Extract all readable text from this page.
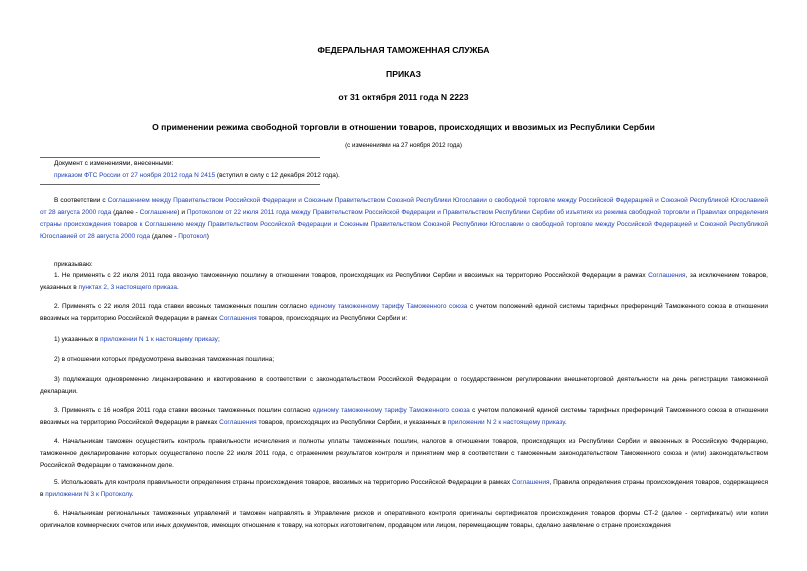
ФЕДЕРАЛЬНАЯ ТАМОЖЕННАЯ СЛУЖБА
ПРИКАЗ
от 31 октября 2011 года N 2223
О применении режима свободной торговли в отношении товаров, происходящих и ввозимых из Республики Сербии
(с изменениями на 27 ноября 2012 года)

Документ с изменениями, внесенными:

приказом ФТС России от 27 ноября 2012 года N 2415 (вступил в силу с 12 декабря 2012 года).

В соответствии с Соглашением между Правительством Российской Федерации и Союзным Правительством Союзной Республики Югославии о свободной торговле между Российской Федерацией и Союзной Республикой Югославией от 28 августа 2000 года (далее - Соглашение) и Протоколом от 22 июля 2011 года между Правительством Российской Федерации и Правительством Республики Сербии об изъятиях из режима свободной торговли и Правилах определения страны происхождения товаров к Соглашению между Правительством Российской Федерации и Союзным Правительством Союзной Республики Югославии о свободной торговле между Российской Федерацией и Союзной Республикой Югославией от 28 августа 2000 года (далее - Протокол)

приказываю:

1. Не применять с 22 июля 2011 года ввозную таможенную пошлину в отношении товаров, происходящих из Республики Сербии и ввозимых на территорию Российской Федерации в рамках Соглашения, за исключением товаров, указанных в пунктах 2, 3 настоящего приказа.

2. Применять с 22 июля 2011 года ставки ввозных таможенных пошлин согласно единому таможенному тарифу Таможенного союза с учетом положений единой системы тарифных преференций Таможенного союза в отношении ввозимых на территорию Российской Федерации в рамках Соглашения товаров, происходящих из Республики Сербии и:

1) указанных в приложении N 1 к настоящему приказу;

2) в отношении которых предусмотрена вывозная таможенная пошлина;

3) подлежащих одновременно лицензированию и квотированию в соответствии с законодательством Российской Федерации о государственном регулировании внешнеторговой деятельности на день регистрации таможенной декларации.

3. Применять с 16 ноября 2011 года ставки ввозных таможенных пошлин согласно единому таможенному тарифу Таможенного союза с учетом положений единой системы тарифных преференций Таможенного союза в отношении ввозимых на территорию Российской Федерации в рамках Соглашения товаров, происходящих из Республики Сербии, и указанных в приложении N 2 к настоящему приказу.

4. Начальникам таможен осуществить контроль правильности исчисления и полноты уплаты таможенных пошлин, налогов в отношении товаров, происходящих из Республики Сербии и ввезенных в Российскую Федерацию, таможенное декларирование которых осуществлено после 22 июля 2011 года, с отражением результатов контроля и принятием мер в соответствии с таможенным законодательством Таможенного союза и (или) законодательством Российской Федерации о таможенном деле.

5. Использовать для контроля правильности определения страны происхождения товаров, ввозимых на территорию Российской Федерации в рамках Соглашения, Правила определения страны происхождения товаров, содержащиеся в приложении N 3 к Протоколу.

6. Начальникам региональных таможенных управлений и таможен направлять в Управление рисков и оперативного контроля оригиналы сертификатов происхождения товаров формы СТ-2 (далее - сертификаты) или копии оригиналов коммерческих счетов или иных документов, имеющих отношение к товару, на которых изготовителем, продавцом или лицом, перемещающим товары, сделано заявление о стране происхождения
